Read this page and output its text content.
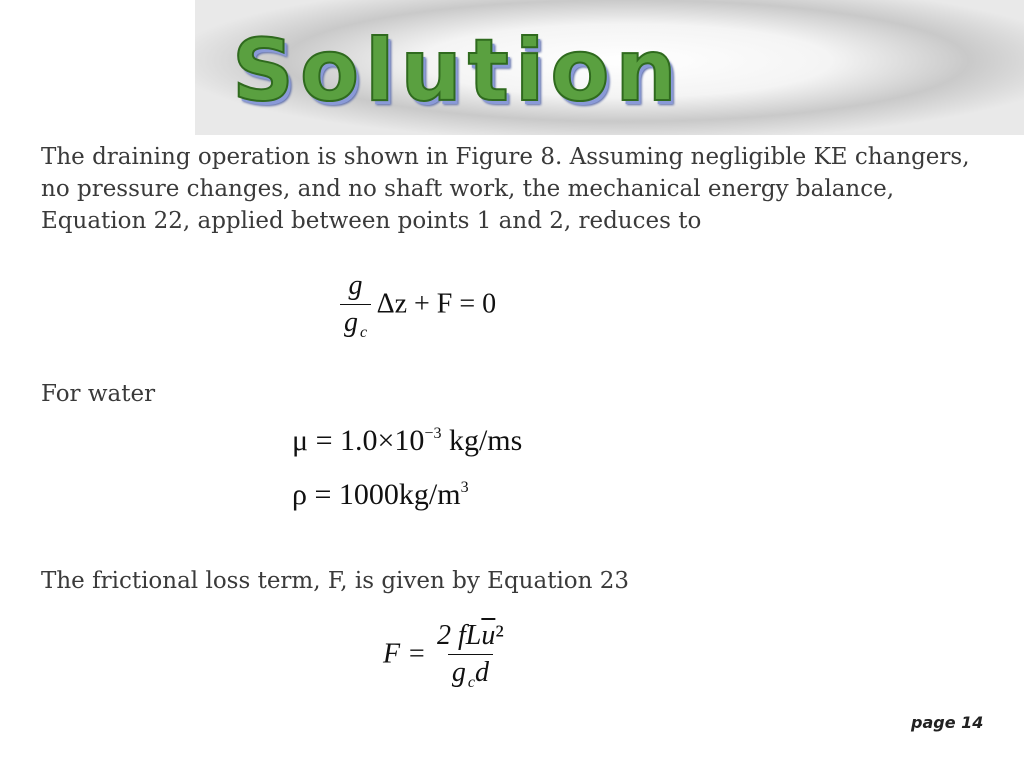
Solution

The draining operation is shown in Figure 8. Assuming negligible KE changers, no pressure changes, and no shaft work, the mechanical energy balance, Equation 22, applied between points 1 and 2, reduces to

$\frac{g}{g _c}$ Δz + F = 0

For water

$\mu = 1.0\times 10^{-3}$ kg/ms
$\rho = 1000kg/m^3$

The frictional loss term, F, is given by Equation 23

$F = \frac{2 fL\overline{u}^2}{g _cd}$
page 14
